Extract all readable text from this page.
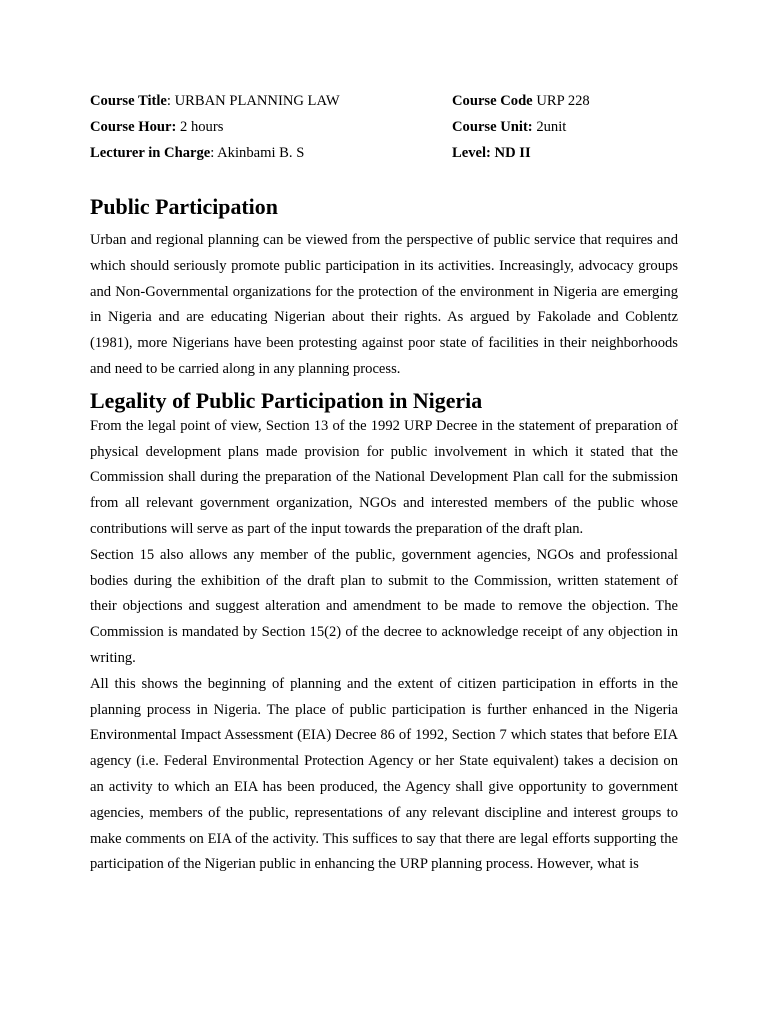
Course Title: URBAN PLANNING LAW	Course Code URP 228
Course Hour: 2 hours	Course Unit: 2unit
Lecturer in Charge: Akinbami B. S	Level: ND II
Public Participation

Urban and regional planning can be viewed from the perspective of public service that requires and which should seriously promote public participation in its activities. Increasingly, advocacy groups and Non-Governmental organizations for the protection of the environment in Nigeria are emerging in Nigeria and are educating Nigerian about their rights. As argued by Fakolade and Coblentz (1981), more Nigerians have been protesting against poor state of facilities in their neighborhoods and need to be carried along in any planning process.

Legality of Public Participation in Nigeria

From the legal point of view, Section 13 of the 1992 URP Decree in the statement of preparation of physical development plans made provision for public involvement in which it stated that the Commission shall during the preparation of the National Development Plan call for the submission from all relevant government organization, NGOs and interested members of the public whose contributions will serve as part of the input towards the preparation of the draft plan.

Section 15 also allows any member of the public, government agencies, NGOs and professional bodies during the exhibition of the draft plan to submit to the Commission, written statement of their objections and suggest alteration and amendment to be made to remove the objection. The Commission is mandated by Section 15(2) of the decree to acknowledge receipt of any objection in writing.

All this shows the beginning of planning and the extent of citizen participation in efforts in the planning process in Nigeria. The place of public participation is further enhanced in the Nigeria Environmental Impact Assessment (EIA) Decree 86 of 1992, Section 7 which states that before EIA agency (i.e. Federal Environmental Protection Agency or her State equivalent) takes a decision on an activity to which an EIA has been produced, the Agency shall give opportunity to government agencies, members of the public, representations of any relevant discipline and interest groups to make comments on EIA of the activity. This suffices to say that there are legal efforts supporting the participation of the Nigerian public in enhancing the URP planning process. However, what is
